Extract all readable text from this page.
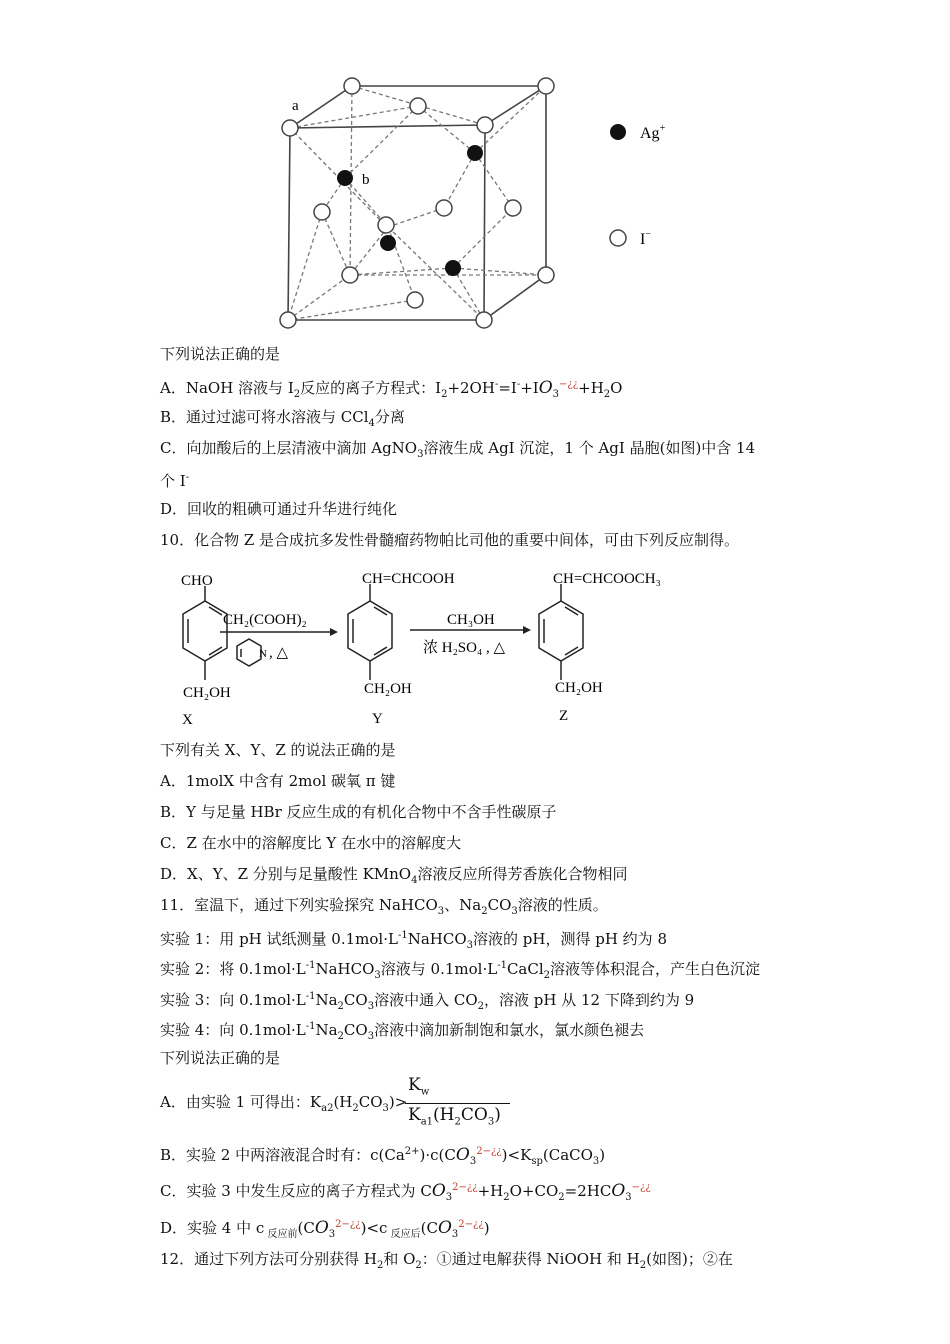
a
b
Ag+
I−
下列说法正确的是
A．NaOH 溶液与 $I_2$反应的离子方程式：$I_2+2OH^-=I^-+IO_3^{-¿¿}+H_2O$
B．通过过滤可将水溶液与 CCl$_4$分离
C．向加酸后的上层清液中滴加 AgNO$_3$溶液生成 AgI 沉淀，1 个 AgI 晶胞(如图)中含 14
个 I-
D．回收的粗碘可通过升华进行纯化
10．化合物 Z 是合成抗多发性骨髓瘤药物帕比司他的重要中间体，可由下列反应制得。
CHO
CH₂OH
X
CH₂(COOH)₂
N , △
CH=CHCOOH
CH₂OH
Y
CH₃OH
浓 H₂SO₄ , △
CH=CHCOOCH₃
CH₂OH
Z
下列有关 X、Y、Z 的说法正确的是
A．1molX 中含有 2mol 碳氧 π 键
B．Y 与足量 HBr 反应生成的有机化合物中不含手性碳原子
C．Z 在水中的溶解度比 Y 在水中的溶解度大
D．X、Y、Z 分别与足量酸性 KMnO$_4$溶液反应所得芳香族化合物相同
11．室温下，通过下列实验探究 NaHCO$_3$、$Na_2CO_3$溶液的性质。
实验 1：用 pH 试纸测量 $0.1mol\cdot L^{-1}NaHCO_3$溶液的 pH，测得 pH 约为 8
实验 2：将 $0.1mol\cdot L^{-1}NaHCO_3$溶液与 $0.1mol\cdot L^{-1}CaCl_2$溶液等体积混合，产生白色沉淀
实验 3：向 $0.1mol\cdot L^{-1}Na_2CO_3$溶液中通入 $CO_2$，溶液 pH 从 12 下降到约为 9
实验 4：向 $0.1mol\cdot L^{-1}Na_2CO_3$溶液中滴加新制饱和氯水，氯水颜色褪去
下列说法正确的是
A．由实验 1 可得出：$K_{a2}(H_2CO_3)>$
$\frac{K_w}{K_{a1}(H_2CO_3)}$
B．实验 2 中两溶液混合时有：$c(Ca^{2+})\cdot c(CO_3^{2-¿¿})<K_{sp}(CaCO_3)$
C．实验 3 中发生反应的离子方程式为 $CO_3^{2-¿¿}+H_2O+CO_2=2HCO_3^{-¿¿}$
D．实验 4 中 c $_{反应前}(CO_3^{2-¿¿})<c$ $_{反应后}(CO_3^{2-¿¿})$
12．通过下列方法可分别获得 $H_2$和 $O_2$：①通过电解获得 NiOOH 和 $H_2$(如图)；②在
